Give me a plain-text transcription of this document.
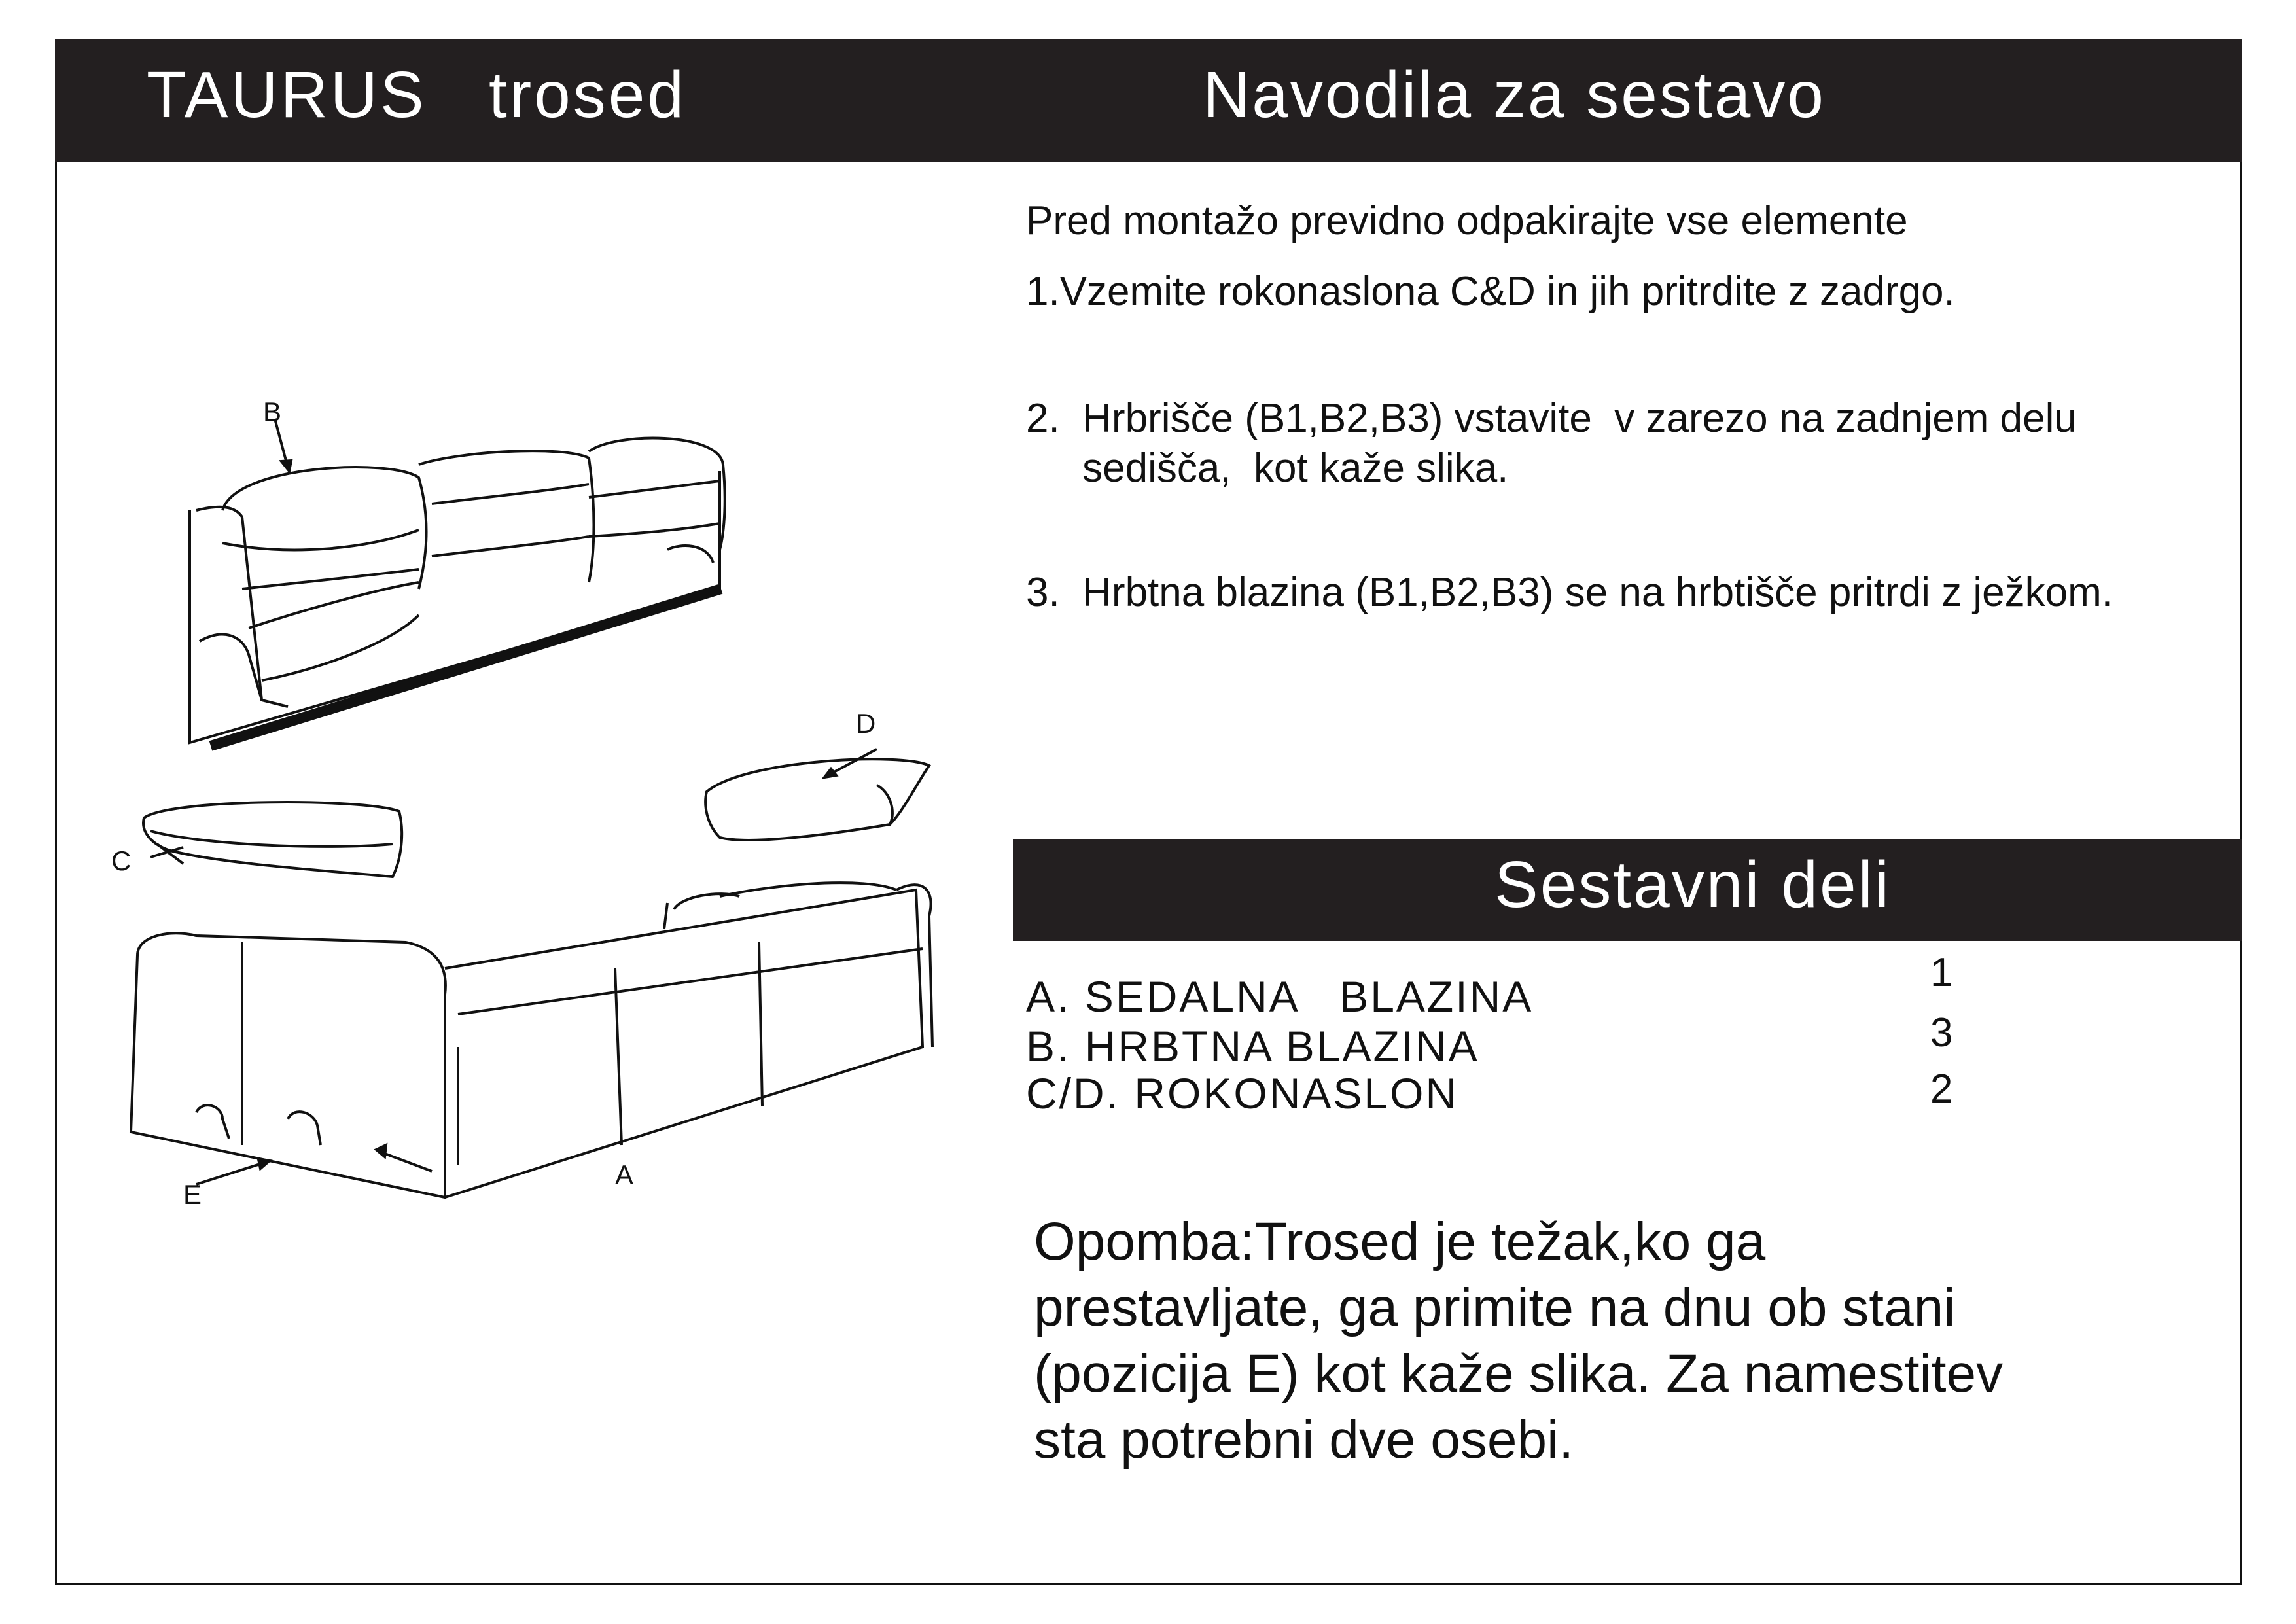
TAURUS   trosed	Navodila za sestavo
Pred montažo previdno odpakirajte vse elemente
1.Vzemite rokonaslona C&D in jih pritrdite z zadrgo.
2.  Hrbrišče (B1,B2,B3) vstavite  v zarezo na zadnjem delu
sedišča,  kot kaže slika.
3.  Hrbtna blazina (B1,B2,B3) se na hrbtišče pritrdi z ježkom.
B
D
C
A
E
Sestavni deli
A. SEDALNA   BLAZINA	1
B. HRBTNA BLAZINA	3
C/D. ROKONASLON	2
Opomba:Trosed je težak,ko ga
prestavljate, ga primite na dnu ob stani
(pozicija E) kot kaže slika. Za namestitev
sta potrebni dve osebi.
